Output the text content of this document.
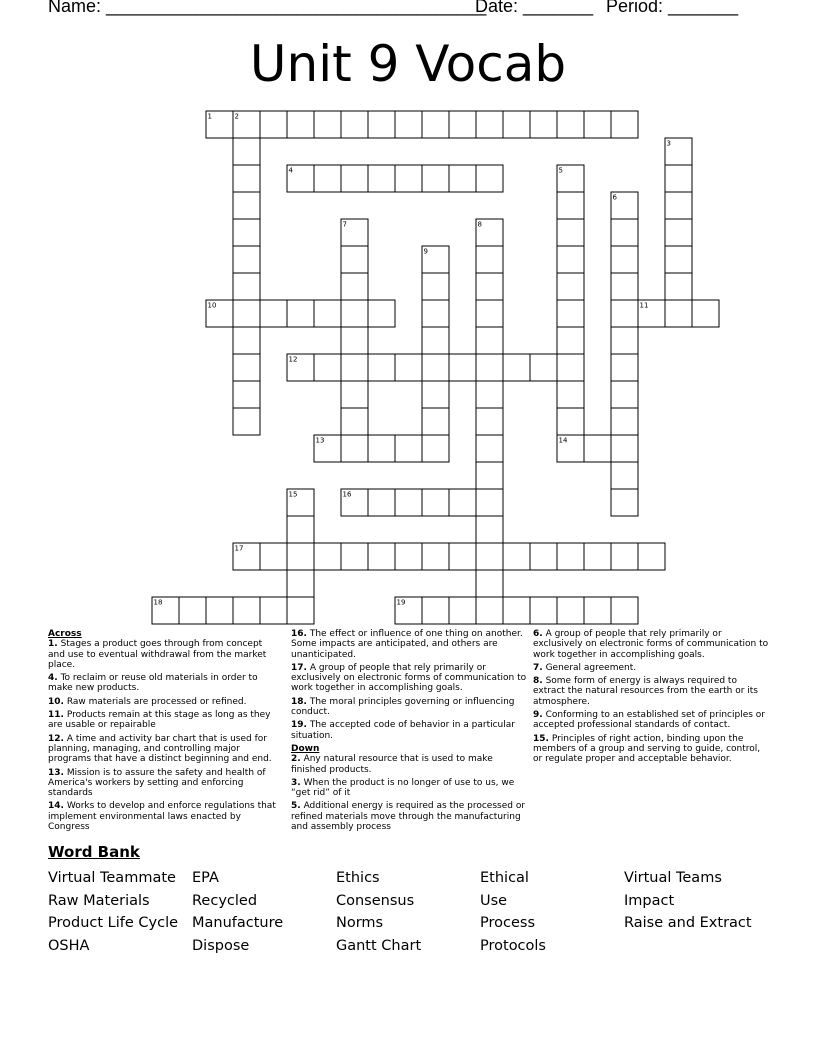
Name: ______________________________________
Date: _______ Period: _______
Unit 9 Vocab
1
4
10	11
12
13	14
16
17
18	19
2
3
5
6
7	8
9
15

Across

1. Stages a product goes through from concept and use to eventual withdrawal from the market place.

4. To reclaim or reuse old materials in order to make new products.

10. Raw materials are processed or refined.

11. Products remain at this stage as long as they are usable or repairable

12. A time and activity bar chart that is used for planning, managing, and controlling major programs that have a distinct beginning and end.

13. Mission is to assure the safety and health of America's workers by setting and enforcing standards

14. Works to develop and enforce regulations that implement environmental laws enacted by Congress

16. The effect or influence of one thing on another. Some impacts are anticipated, and others are unanticipated.

17. A group of people that rely primarily or exclusively on electronic forms of communication to work together in accomplishing goals.

18. The moral principles governing or influencing conduct.

19. The accepted code of behavior in a particular situation.

Down

2. Any natural resource that is used to make finished products.

3. When the product is no longer of use to us, we “get rid” of it

5. Additional energy is required as the processed or refined materials move through the manufacturing and assembly process

6. A group of people that rely primarily or exclusively on electronic forms of communication to work together in accomplishing goals.

7. General agreement.

8. Some form of energy is always required to extract the natural resources from the earth or its atmosphere.

9. Conforming to an established set of principles or accepted professional standards of contact.

15. Principles of right action, binding upon the members of a group and serving to guide, control, or regulate proper and acceptable behavior.

Word Bank
Virtual Teammate
Raw Materials
Product Life Cycle
OSHA
EPA
Recycled
Manufacture
Dispose
Ethics
Consensus
Norms
Gantt Chart
Ethical
Use
Process
Protocols
Virtual Teams
Impact
Raise and Extract
